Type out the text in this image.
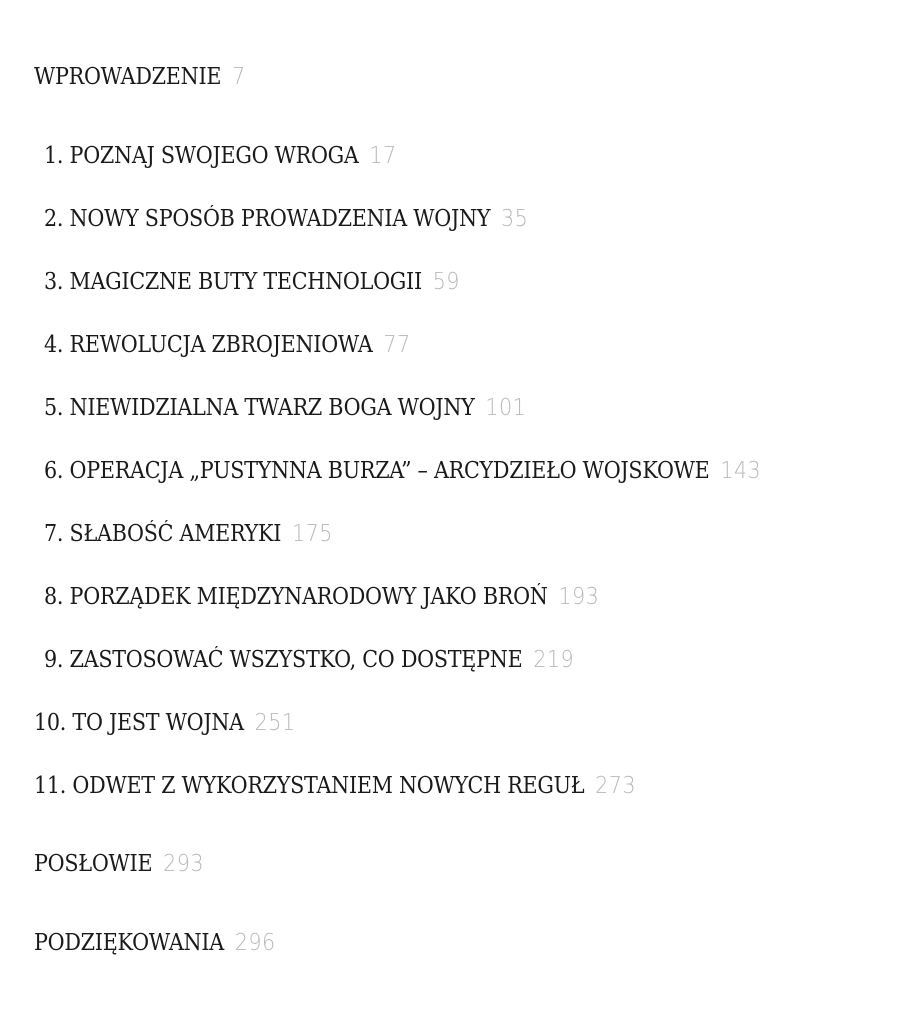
WPROWADZENIE 7
1. POZNAJ SWOJEGO WROGA 17
2. NOWY SPOSÓB PROWADZENIA WOJNY 35
3. MAGICZNE BUTY TECHNOLOGII 59
4. REWOLUCJA ZBROJENIOWA 77
5. NIEWIDZIALNA TWARZ BOGA WOJNY 101
6. OPERACJA „PUSTYNNA BURZA” – ARCYDZIEŁO WOJSKOWE 143
7. SŁABOŚĆ AMERYKI 175
8. PORZĄDEK MIĘDZYNARODOWY JAKO BROŃ 193
9. ZASTOSOWAĆ WSZYSTKO, CO DOSTĘPNE 219
10. TO JEST WOJNA 251
11. ODWET Z WYKORZYSTANIEM NOWYCH REGUŁ 273
POSŁOWIE 293
PODZIĘKOWANIA 296
